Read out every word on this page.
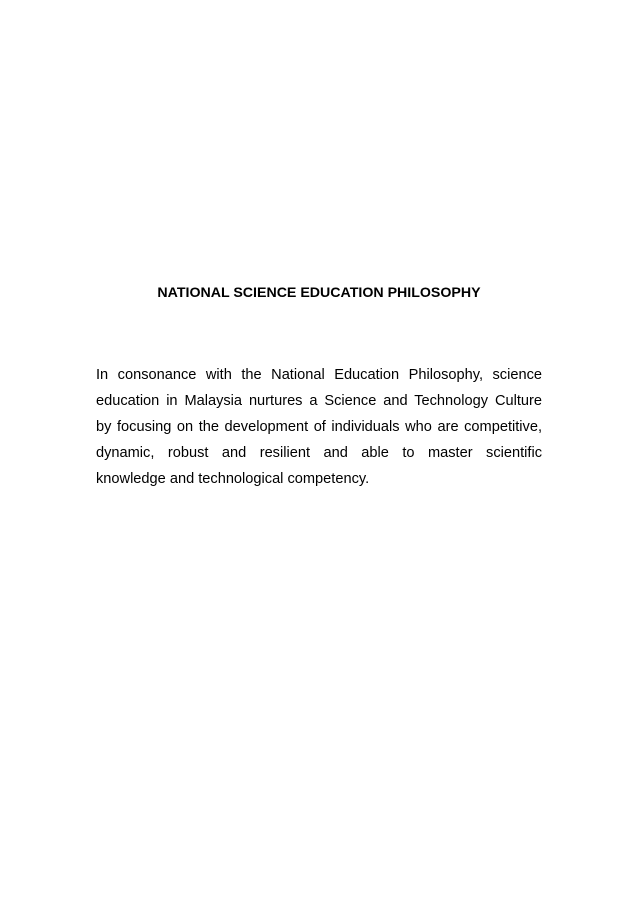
NATIONAL SCIENCE EDUCATION PHILOSOPHY

In consonance with the National Education Philosophy, science
education in Malaysia nurtures a Science and Technology Culture
by focusing on the development of individuals who are competitive,
dynamic, robust and resilient and able to master scientific
knowledge and technological competency.
